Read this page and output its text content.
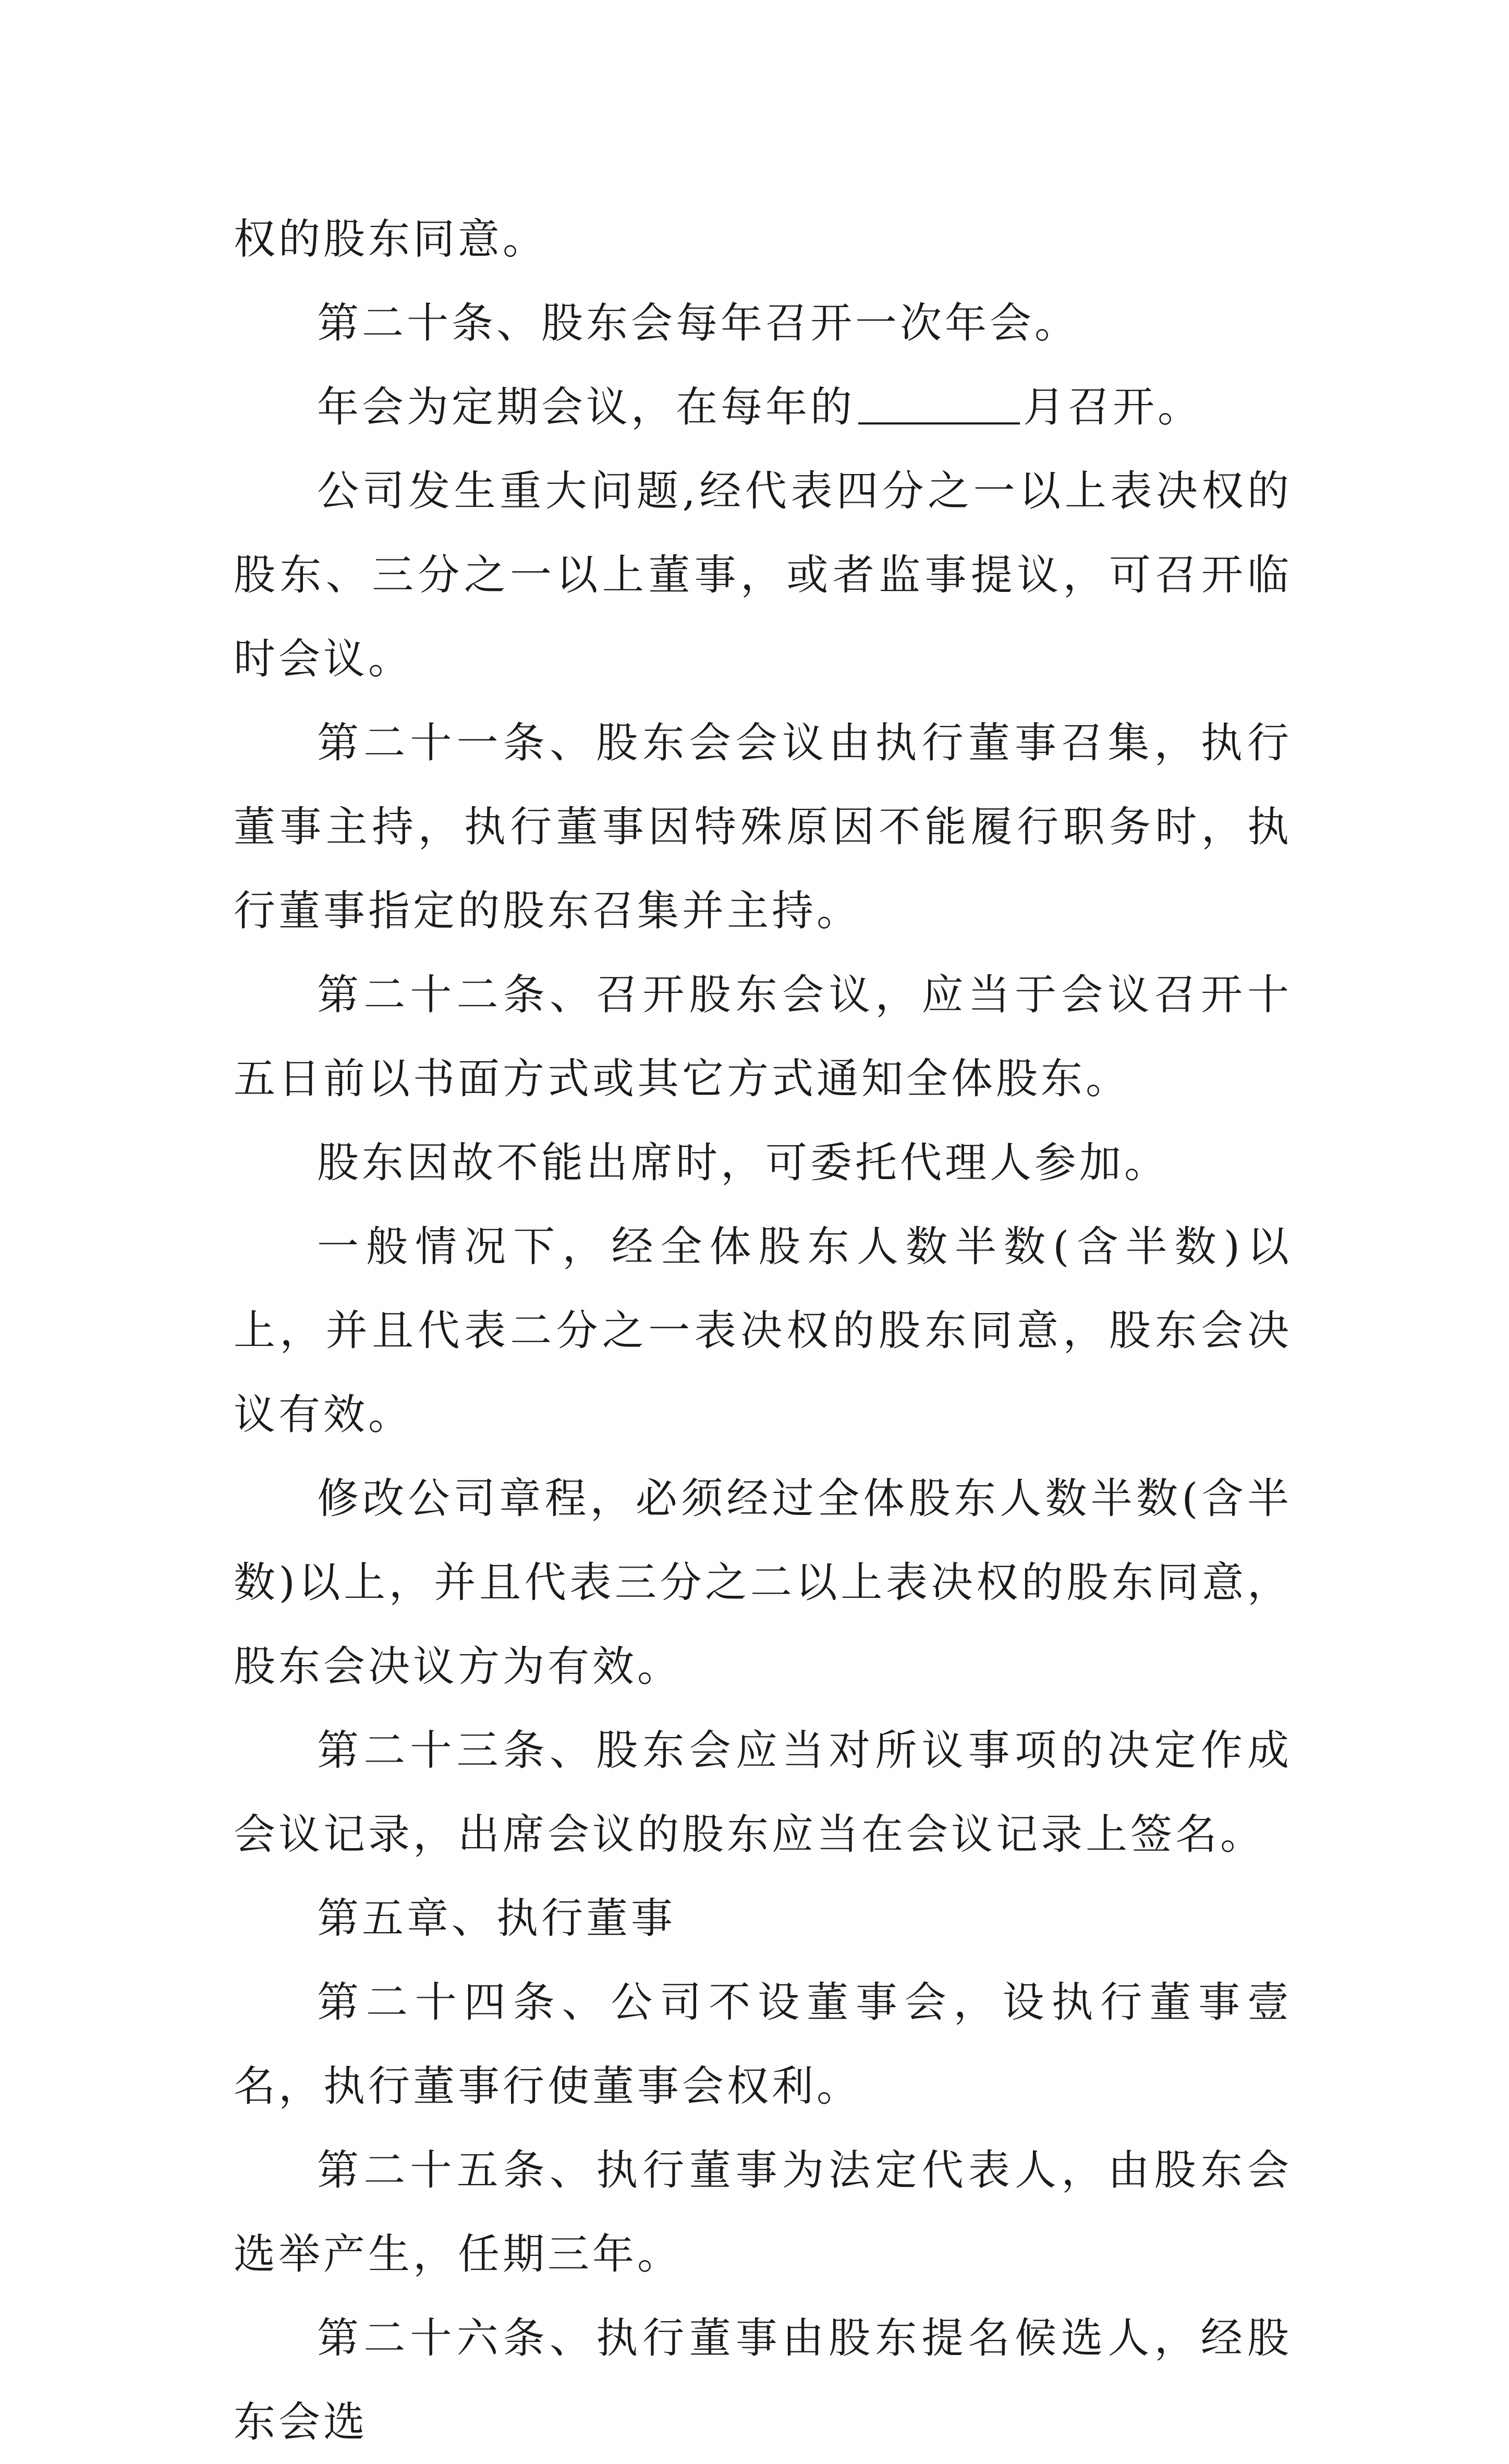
权的股东同意。

第二十条、股东会每年召开一次年会。

年会为定期会议，在每年的	月召开。

公司发生重大问题,经代表四分之一以上表决权的股东、三分之一以上董事，或者监事提议，可召开临时会议。

第二十一条、股东会会议由执行董事召集，执行董事主持，执行董事因特殊原因不能履行职务时，执行董事指定的股东召集并主持。

第二十二条、召开股东会议，应当于会议召开十五日前以书面方式或其它方式通知全体股东。

股东因故不能出席时，可委托代理人参加。

一般情况下，经全体股东人数半数(含半数)以上，并且代表二分之一表决权的股东同意，股东会决议有效。

修改公司章程，必须经过全体股东人数半数(含半数)以上，并且代表三分之二以上表决权的股东同意，股东会决议方为有效。

第二十三条、股东会应当对所议事项的决定作成会议记录，出席会议的股东应当在会议记录上签名。

第五章、执行董事

第二十四条、公司不设董事会，设执行董事壹名，执行董事行使董事会权利。

第二十五条、执行董事为法定代表人，由股东会选举产生，任期三年。

第二十六条、执行董事由股东提名候选人，经股东会选
